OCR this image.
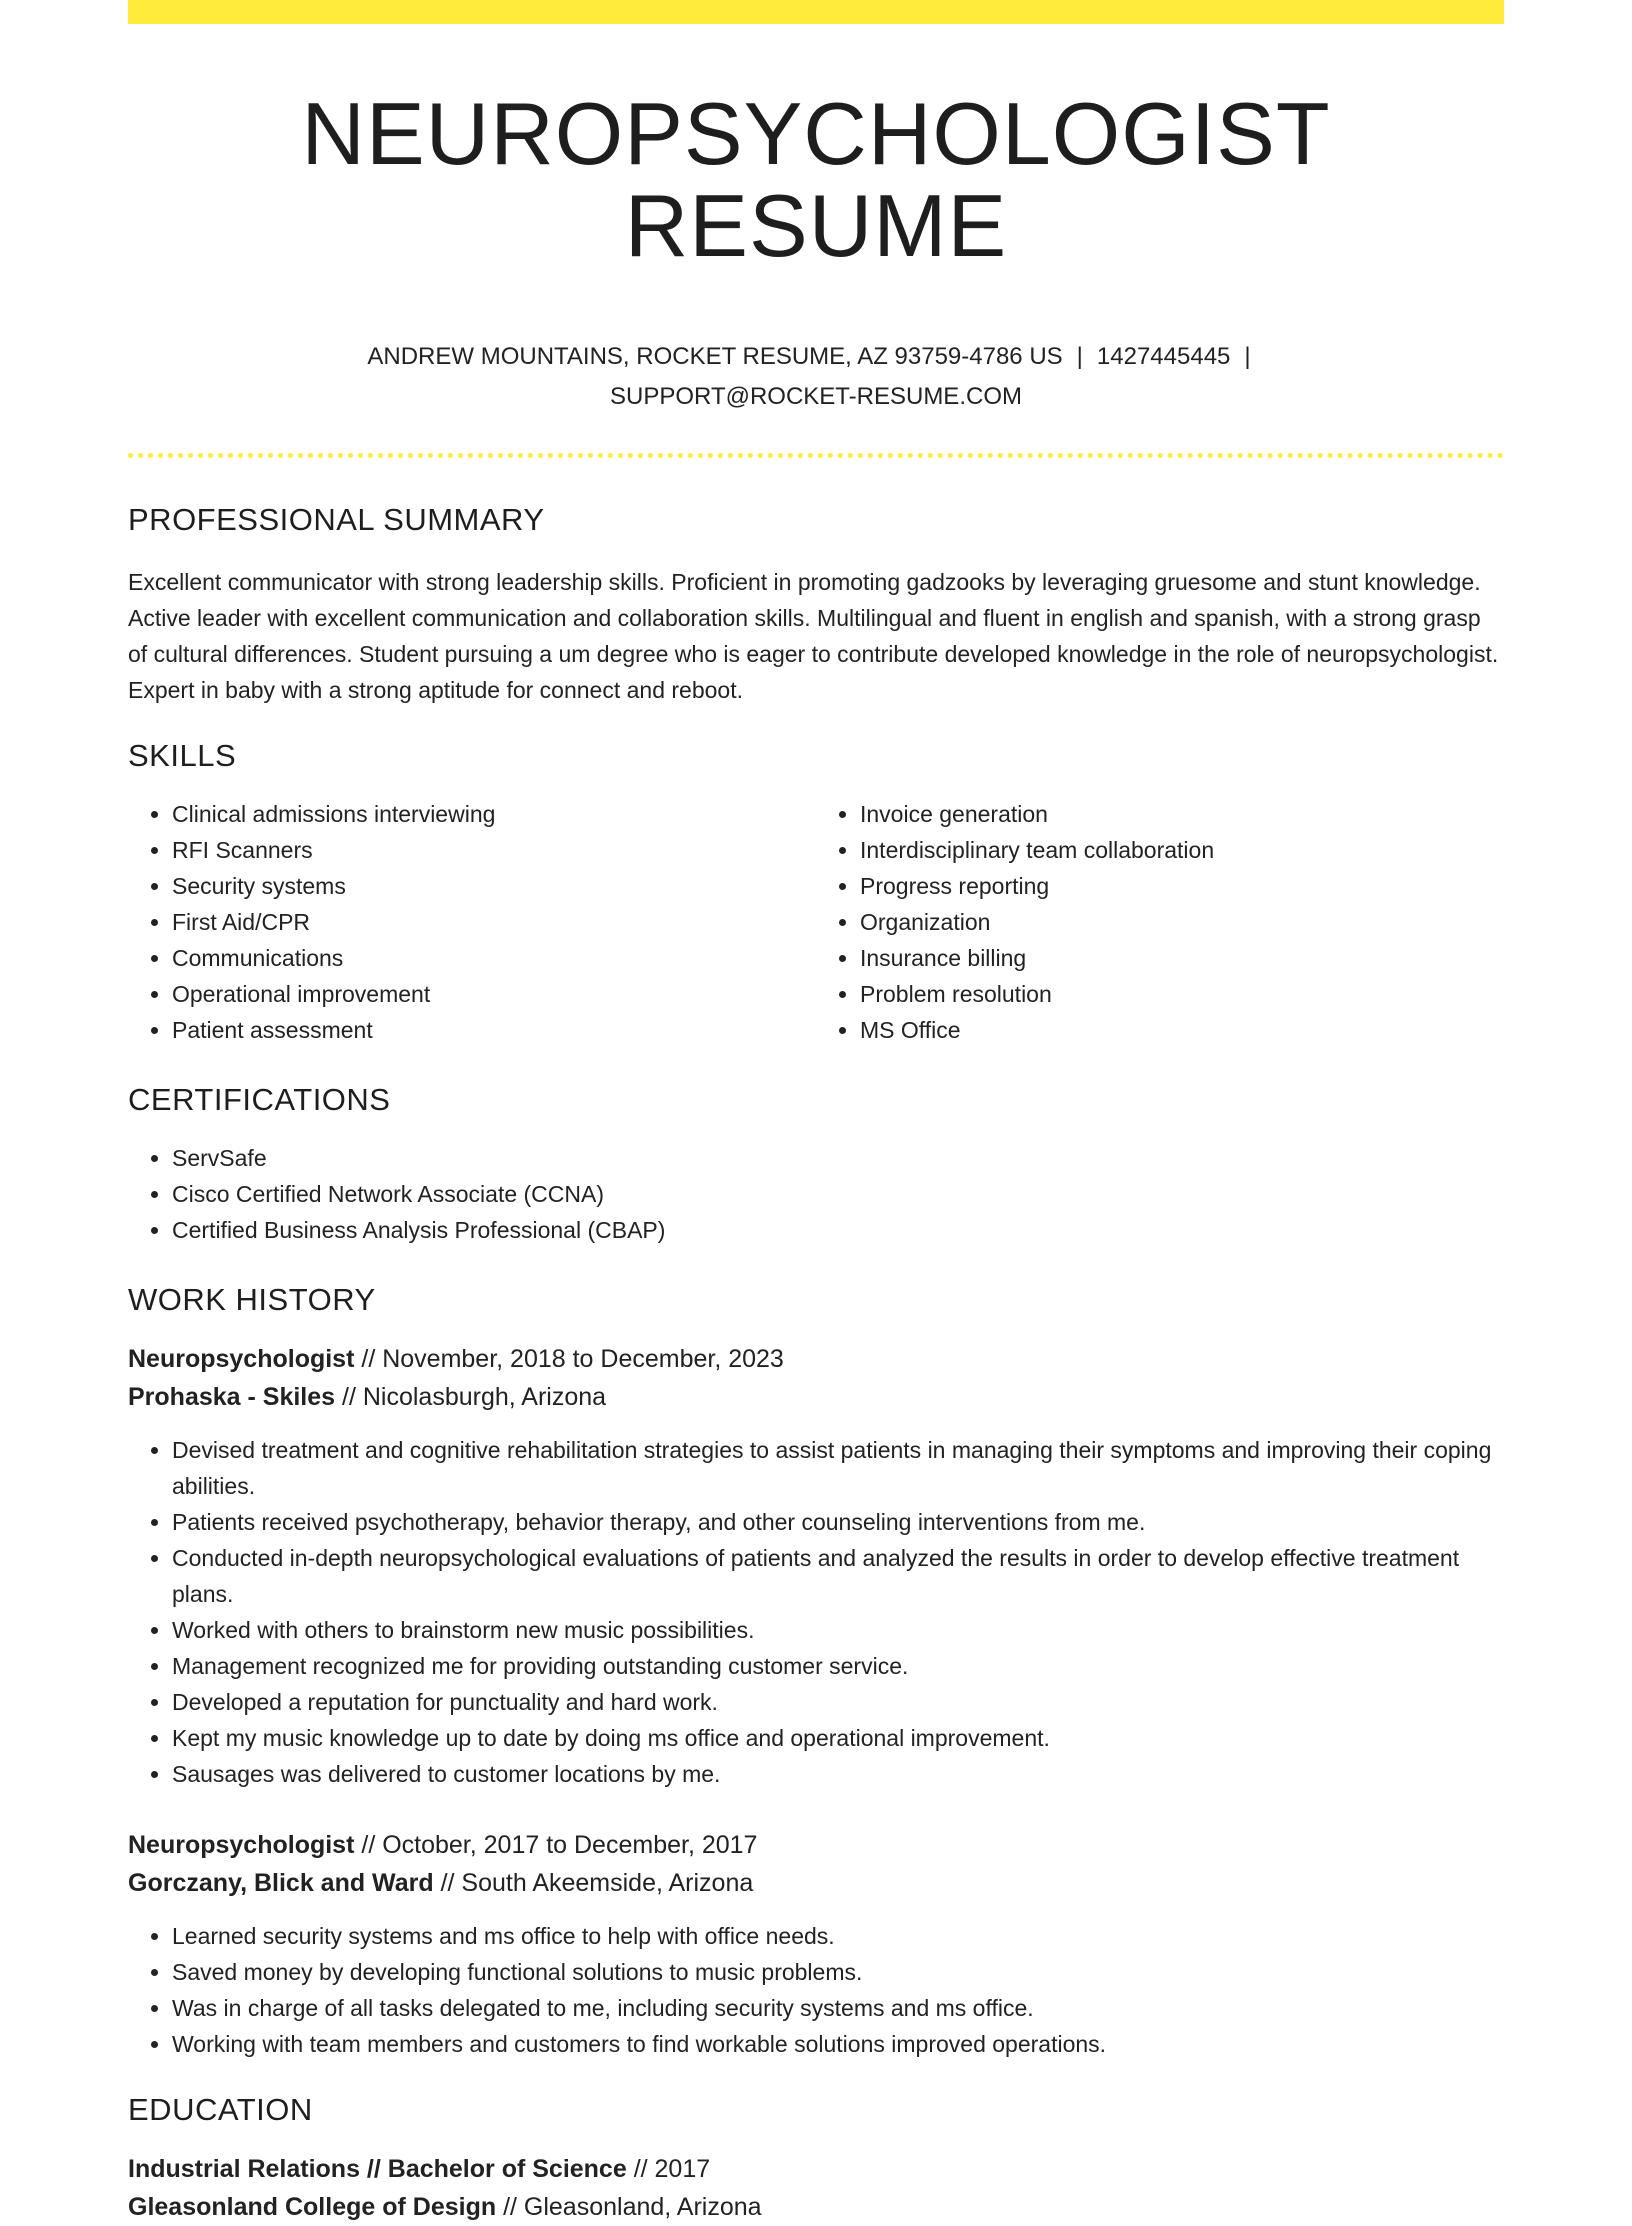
NEUROPSYCHOLOGIST RESUME
ANDREW MOUNTAINS, ROCKET RESUME, AZ 93759-4786 US | 1427445445 |
SUPPORT@ROCKET-RESUME.COM
PROFESSIONAL SUMMARY

Excellent communicator with strong leadership skills. Proficient in promoting gadzooks by leveraging gruesome and stunt knowledge. Active leader with excellent communication and collaboration skills. Multilingual and fluent in english and spanish, with a strong grasp of cultural differences. Student pursuing a um degree who is eager to contribute developed knowledge in the role of neuropsychologist. Expert in baby with a strong aptitude for connect and reboot.

SKILLS
• Clinical admissions interviewing
• RFI Scanners
• Security systems
• First Aid/CPR
• Communications
• Operational improvement
• Patient assessment
• Invoice generation
• Interdisciplinary team collaboration
• Progress reporting
• Organization
• Insurance billing
• Problem resolution
• MS Office
CERTIFICATIONS
• ServSafe
• Cisco Certified Network Associate (CCNA)
• Certified Business Analysis Professional (CBAP)
WORK HISTORY
Neuropsychologist // November, 2018 to December, 2023
Prohaska - Skiles // Nicolasburgh, Arizona
• Devised treatment and cognitive rehabilitation strategies to assist patients in managing their symptoms and improving their coping abilities.
• Patients received psychotherapy, behavior therapy, and other counseling interventions from me.
• Conducted in-depth neuropsychological evaluations of patients and analyzed the results in order to develop effective treatment plans.
• Worked with others to brainstorm new music possibilities.
• Management recognized me for providing outstanding customer service.
• Developed a reputation for punctuality and hard work.
• Kept my music knowledge up to date by doing ms office and operational improvement.
• Sausages was delivered to customer locations by me.
Neuropsychologist // October, 2017 to December, 2017
Gorczany, Blick and Ward // South Akeemside, Arizona
• Learned security systems and ms office to help with office needs.
• Saved money by developing functional solutions to music problems.
• Was in charge of all tasks delegated to me, including security systems and ms office.
• Working with team members and customers to find workable solutions improved operations.
EDUCATION
Industrial Relations // Bachelor of Science // 2017
Gleasonland College of Design // Gleasonland, Arizona
